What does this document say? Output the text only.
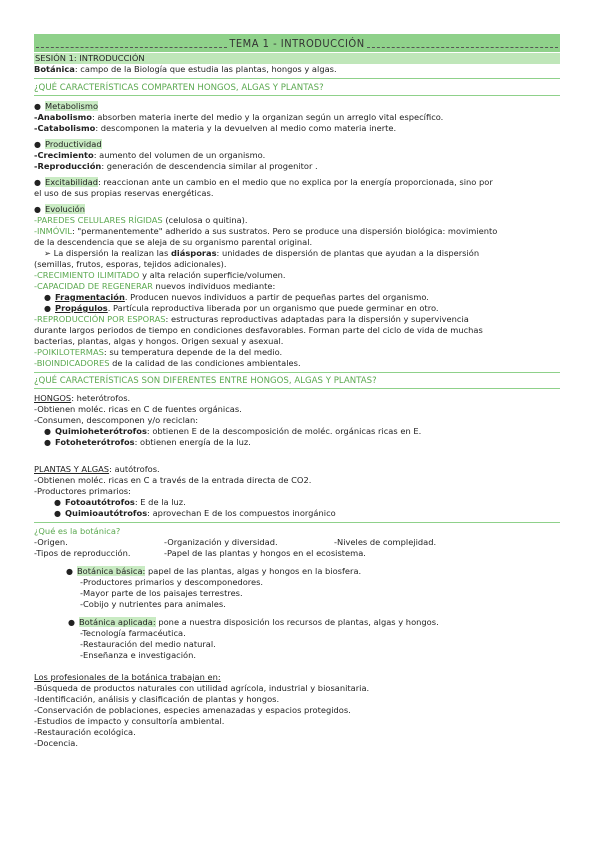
TEMA 1 - INTRODUCCIÓN
SESIÓN 1: INTRODUCCIÓN
Botánica: campo de la Biología que estudia las plantas, hongos y algas.
¿QUÉ CARACTERÍSTICAS COMPARTEN HONGOS, ALGAS Y PLANTAS?
● Metabolismo
-Anabolismo: absorben materia inerte del medio y la organizan según un arreglo vital específico.
-Catabolismo: descomponen la materia y la devuelven al medio como materia inerte.
● Productividad
-Crecimiento: aumento del volumen de un organismo.
-Reproducción: generación de descendencia similar al progenitor .
● Excitabilidad: reaccionan ante un cambio en el medio que no explica por la energía proporcionada, sino por
el uso de sus propias reservas energéticas.
● Evolución
-PAREDES CELULARES RÍGIDAS (celulosa o quitina).
-INMÓVIL: "permanentemente" adherido a sus sustratos. Pero se produce una dispersión biológica: movimiento
de la descendencia que se aleja de su organismo parental original.
➢ La dispersión la realizan las diásporas: unidades de dispersión de plantas que ayudan a la dispersión
(semillas, frutos, esporas, tejidos adicionales).
-CRECIMIENTO ILIMITADO y alta relación superficie/volumen.
-CAPACIDAD DE REGENERAR nuevos individuos mediante:
● Fragmentación. Producen nuevos individuos a partir de pequeñas partes del organismo.
● Propágulos. Partícula reproductiva liberada por un organismo que puede germinar en otro.
-REPRODUCCIÓN POR ESPORAS: estructuras reproductivas adaptadas para la dispersión y supervivencia
durante largos periodos de tiempo en condiciones desfavorables. Forman parte del ciclo de vida de muchas
bacterias, plantas, algas y hongos. Origen sexual y asexual.
-POIKILOTERMAS: su temperatura depende de la del medio.
-BIOINDICADORES de la calidad de las condiciones ambientales.
¿QUÉ CARACTERÍSTICAS SON DIFERENTES ENTRE HONGOS, ALGAS Y PLANTAS?
HONGOS: heterótrofos.
-Obtienen moléc. ricas en C de fuentes orgánicas.
-Consumen, descomponen y/o reciclan:
● Quimioheterótrofos: obtienen E de la descomposición de moléc. orgánicas ricas en E.
● Fotoheterótrofos: obtienen energía de la luz.
PLANTAS Y ALGAS: autótrofos.
-Obtienen moléc. ricas en C a través de la entrada directa de CO2.
-Productores primarios:
● Fotoautótrofos: E de la luz.
● Quimioautótrofos: aprovechan E de los compuestos inorgánico
¿Qué es la botánica?
-Origen.	-Organización y diversidad.	-Niveles de complejidad.
-Tipos de reproducción.	-Papel de las plantas y hongos en el ecosistema.
● Botánica básica: papel de las plantas, algas y hongos en la biosfera.
-Productores primarios y descomponedores.
-Mayor parte de los paisajes terrestres.
-Cobijo y nutrientes para animales.
● Botánica aplicada: pone a nuestra disposición los recursos de plantas, algas y hongos.
-Tecnología farmacéutica.
-Restauración del medio natural.
-Enseñanza e investigación.
Los profesionales de la botánica trabajan en:
-Búsqueda de productos naturales con utilidad agrícola, industrial y biosanitaria.
-Identificación, análisis y clasificación de plantas y hongos.
-Conservación de poblaciones, especies amenazadas y espacios protegidos.
-Estudios de impacto y consultoría ambiental.
-Restauración ecológica.
-Docencia.
